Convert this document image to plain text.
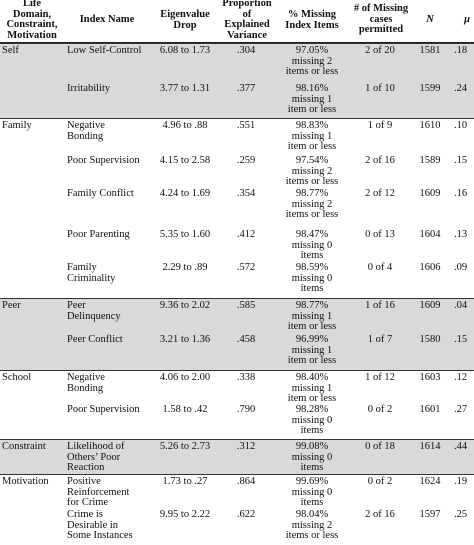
Life
Domain,
Constraint,
Motivation
Index Name	Eigenvalue
Drop
Proportion
of
Explained
Variance
% Missing
Index Items
# of Missing
cases
permitted
N	μ
Self	Low Self-Control	6.08 to 1.73	.304	97.05%
missing 2
items or less
2 of 20	1581	.18
Irritability	3.77 to 1.31	.377	98.16%
missing 1
item or less
1 of 10	1599	.24
Family	Negative
Bonding
4.96 to .88	.551	98.83%
missing 1
item or less
1 of 9	1610	.10
Poor Supervision	4.15 to 2.58	.259	97.54%
missing 2
items or less
2 of 16	1589	.15
Family Conflict	4.24 to 1.69	.354	98.77%
missing 2
items or less
2 of 12	1609	.16
Poor Parenting	5.35 to 1.60	.412	98.47%
missing 0
items
0 of 13	1604	.13
Family
Criminality
2.29 to .89	.572	98.59%
missing 0
items
0 of 4	1606	.09
Peer	Peer
Delinquency
9.36 to 2.02	.585	98.77%
missing 1
item or less
1 of 16	1609	.04
Peer Conflict	3.21 to 1.36	.458	96.99%
missing 1
item or less
1 of 7	1580	.15
School	Negative
Bonding
4.06 to 2.00	.338	98.40%
missing 1
item or less
1 of 12	1603	.12
Poor Supervision	1.58 to .42	.790	98.28%
missing 0
items
0 of 2	1601	.27
Constraint	Likelihood of
Others’ Poor
Reaction
5.26 to 2.73	.312	99.08%
missing 0
items
0 of 18	1614	.44
Motivation	Positive
Reinforcement
for Crime
1.73 to .27	.864	99.69%
missing 0
items
0 of 2	1624	.19
Crime is
Desirable in
Some Instances
9.95 to 2.22	.622	98.04%
missing 2
items or less
2 of 16	1597	.25
